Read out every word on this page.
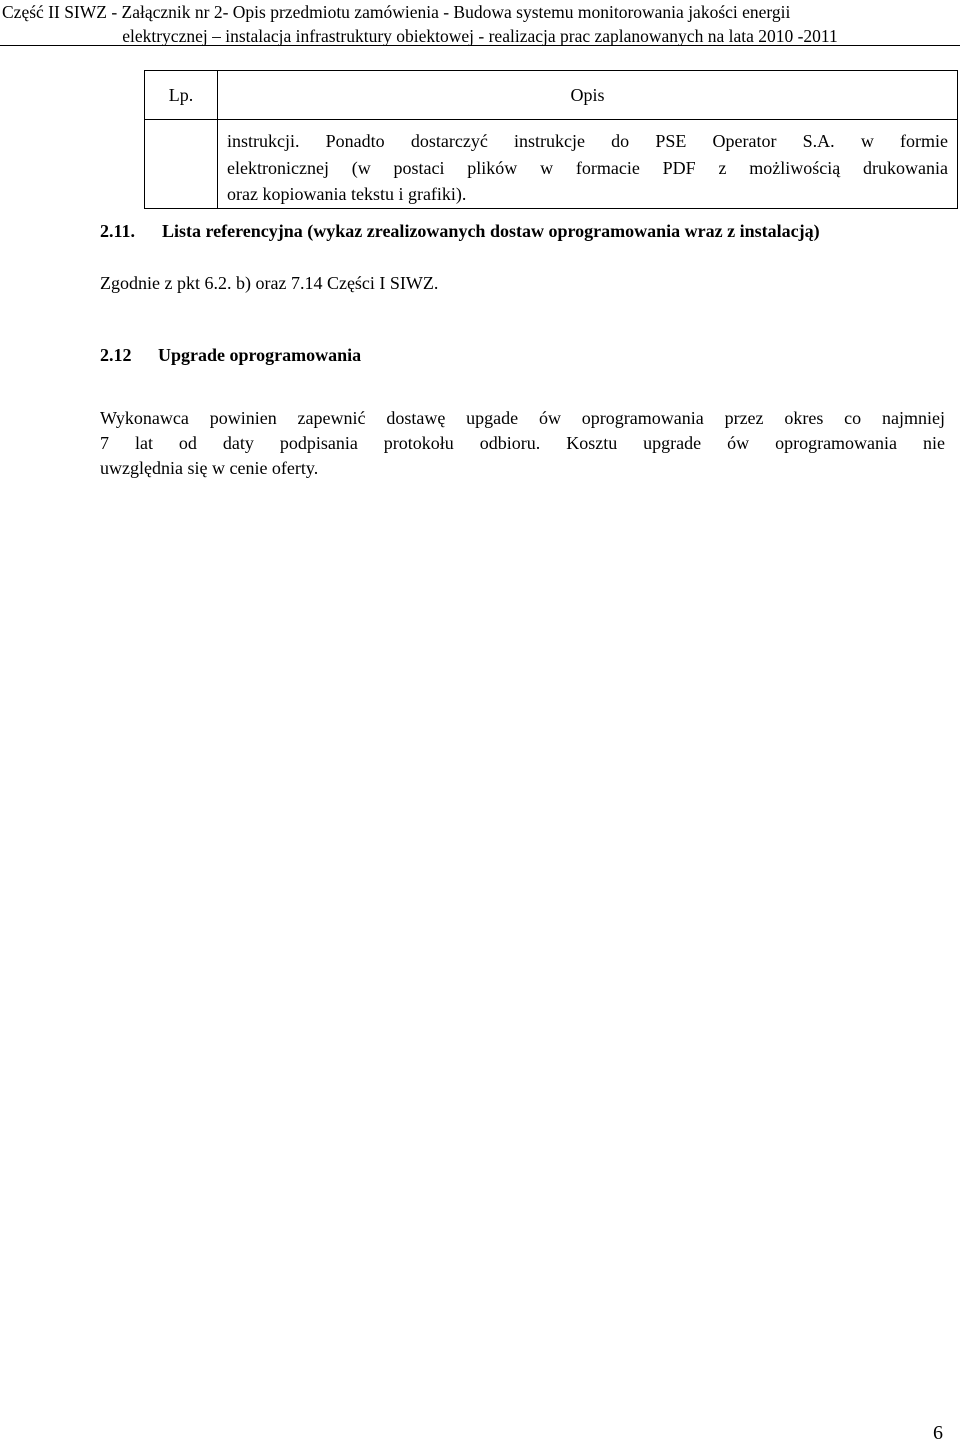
Część II SIWZ - Załącznik nr 2- Opis przedmiotu zamówienia - Budowa systemu monitorowania jakości energii
elektrycznej – instalacja infrastruktury obiektowej - realizacja prac zaplanowanych na lata 2010 -2011
Lp.	Opis

	instrukcji. Ponadto dostarczyć instrukcje do PSE Operator S.A. w formie
elektronicznej (w postaci plików w formacie PDF z możliwością drukowania
oraz kopiowania tekstu i grafiki).
2.11. Lista referencyjna (wykaz zrealizowanych dostaw oprogramowania wraz z instalacją)
Zgodnie z pkt 6.2. b) oraz 7.14 Części I SIWZ.
2.12 Upgrade oprogramowania
Wykonawca powinien zapewnić dostawę upgade ów oprogramowania przez okres co najmniej
7 lat od daty podpisania protokołu odbioru. Kosztu upgrade ów oprogramowania nie
uwzględnia się w cenie oferty.
6
